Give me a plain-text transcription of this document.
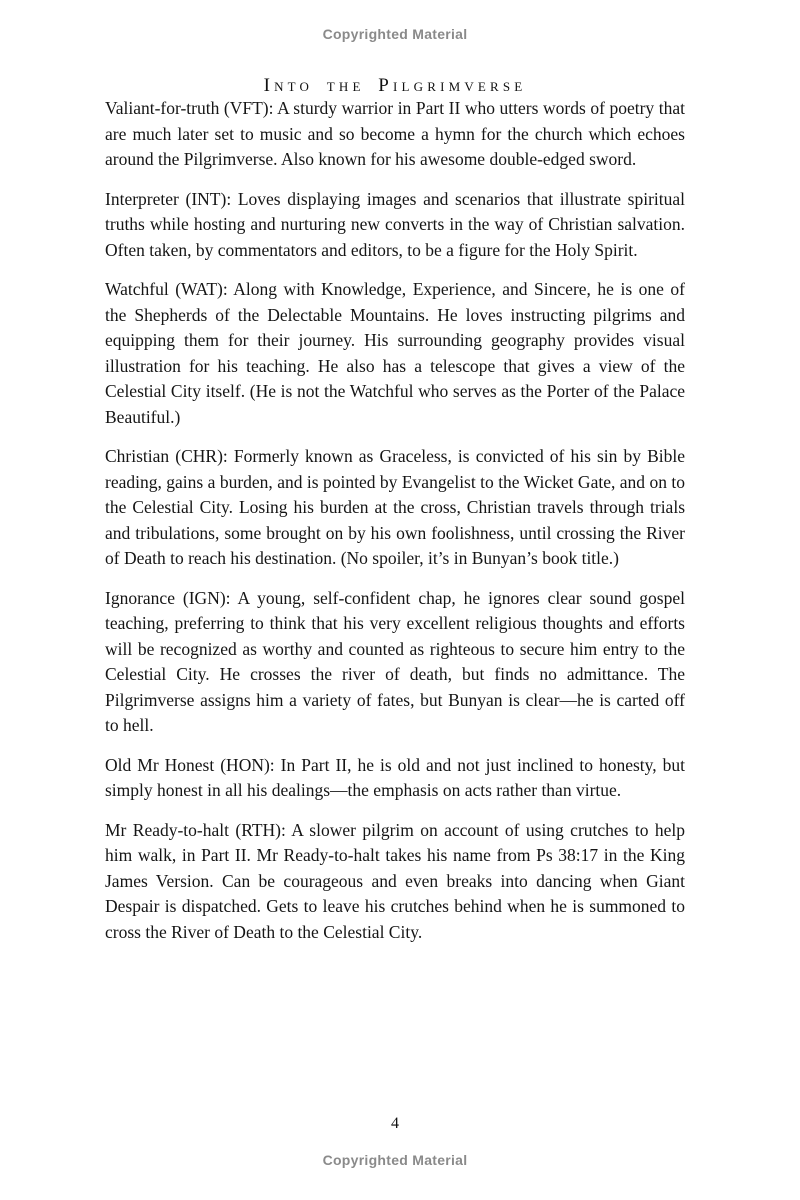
Copyrighted Material
Into the Pilgrimverse

Valiant-for-truth (VFT): A sturdy warrior in Part II who utters words of poetry that are much later set to music and so become a hymn for the church which echoes around the Pilgrimverse. Also known for his awesome double-edged sword.

Interpreter (INT): Loves displaying images and scenarios that illustrate spiritual truths while hosting and nurturing new converts in the way of Christian salvation. Often taken, by commentators and editors, to be a figure for the Holy Spirit.

Watchful (WAT): Along with Knowledge, Experience, and Sincere, he is one of the Shepherds of the Delectable Mountains. He loves instructing pilgrims and equipping them for their journey. His surrounding geography provides visual illustration for his teaching. He also has a telescope that gives a view of the Celestial City itself. (He is not the Watchful who serves as the Porter of the Palace Beautiful.)

Christian (CHR): Formerly known as Graceless, is convicted of his sin by Bible reading, gains a burden, and is pointed by Evangelist to the Wicket Gate, and on to the Celestial City. Losing his burden at the cross, Christian travels through trials and tribulations, some brought on by his own foolishness, until crossing the River of Death to reach his destination. (No spoiler, it’s in Bunyan’s book title.)

Ignorance (IGN): A young, self-confident chap, he ignores clear sound gospel teaching, preferring to think that his very excellent religious thoughts and efforts will be recognized as worthy and counted as righteous to secure him entry to the Celestial City. He crosses the river of death, but finds no admittance. The Pilgrimverse assigns him a variety of fates, but Bunyan is clear—he is carted off to hell.

Old Mr Honest (HON): In Part II, he is old and not just inclined to honesty, but simply honest in all his dealings—the emphasis on acts rather than virtue.

Mr Ready-to-halt (RTH): A slower pilgrim on account of using crutches to help him walk, in Part II. Mr Ready-to-halt takes his name from Ps 38:17 in the King James Version. Can be courageous and even breaks into dancing when Giant Despair is dispatched. Gets to leave his crutches behind when he is summoned to cross the River of Death to the Celestial City.

4
Copyrighted Material
